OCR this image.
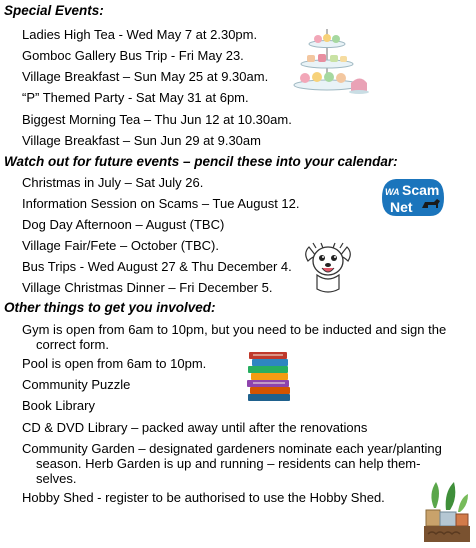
Special Events:
Ladies High Tea - Wed May 7 at 2.30pm.
Gomboc Gallery Bus Trip - Fri May 23.
Village Breakfast – Sun May 25 at 9.30am.
“P” Themed Party - Sat May 31 at 6pm.
Biggest Morning Tea – Thu Jun 12 at 10.30am.
Village Breakfast – Sun Jun 29 at 9.30am
Watch out for future events – pencil these into your calendar:
Christmas in July – Sat July 26.
Information Session on Scams – Tue August 12.
Dog Day Afternoon – August (TBC)
Village Fair/Fete – October (TBC).
Bus Trips - Wed August 27 & Thu December 4.
Village Christmas Dinner – Fri December 5.
Other things to get you involved:
Gym is open from 6am to 10pm, but you need to be inducted and sign the
correct form.
Pool is open from 6am to 10pm.
Community Puzzle
Book Library
CD & DVD Library – packed away until after the renovations
Community Garden – designated gardeners nominate each year/planting
season. Herb Garden is up and running – residents can help them-
selves.
Hobby Shed - register to be authorised to use the Hobby Shed.
WA Scam
Net
